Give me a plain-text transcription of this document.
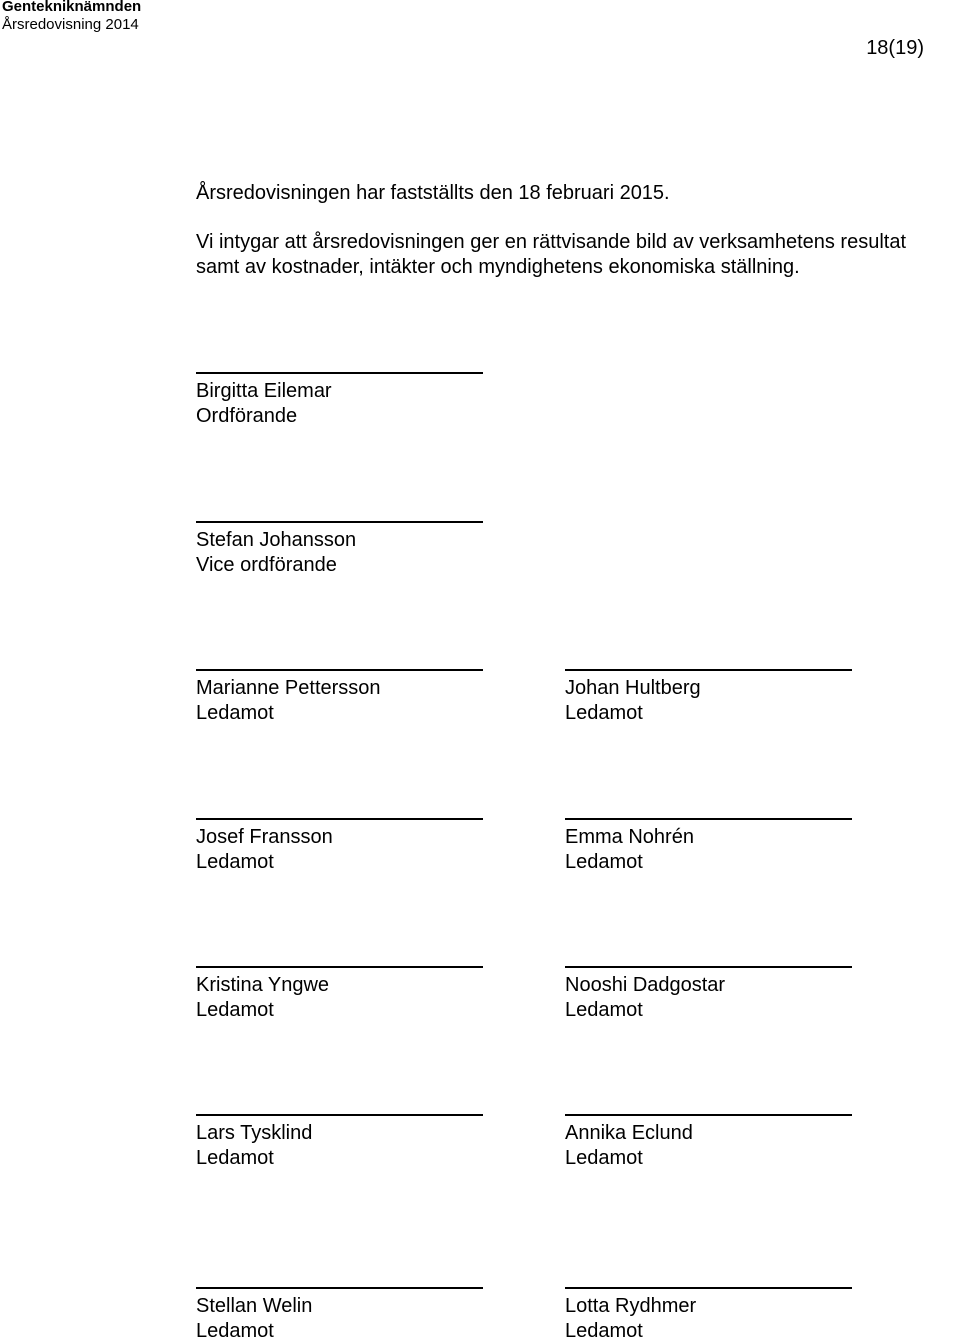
Gentekniknämnden
Årsredovisning 2014
18(19)
Årsredovisningen har fastställts den 18 februari 2015.
Vi intygar att årsredovisningen ger en rättvisande bild av verksamhetens resultat
samt av kostnader, intäkter och myndighetens ekonomiska ställning.
Birgitta Eilemar
Ordförande
Stefan Johansson
Vice ordförande
Marianne Pettersson
Ledamot
Johan Hultberg
Ledamot
Josef Fransson
Ledamot
Emma Nohrén
Ledamot
Kristina Yngwe
Ledamot
Nooshi Dadgostar
Ledamot
Lars Tysklind
Ledamot
Annika Eclund
Ledamot
Stellan Welin
Ledamot
Lotta Rydhmer
Ledamot
